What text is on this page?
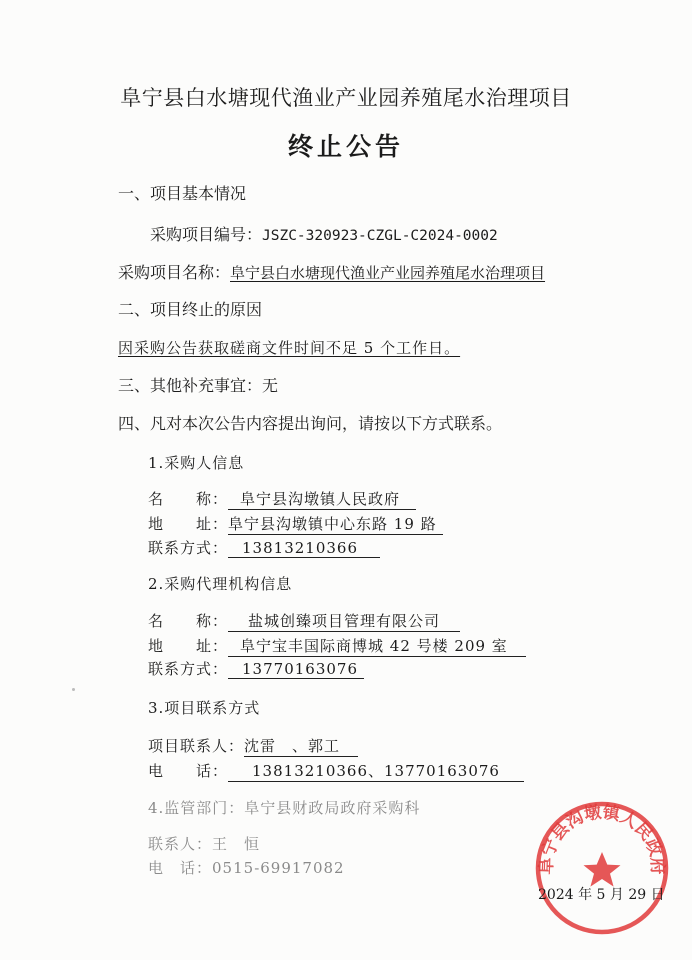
阜宁县白水塘现代渔业产业园养殖尾水治理项目
终止公告
一、项目基本情况
采购项目编号：JSZC-320923-CZGL-C2024-0002
采购项目名称：阜宁县白水塘现代渔业产业园养殖尾水治理项目
二、项目终止的原因
因采购公告获取磋商文件时间不足 5 个工作日。
三、其他补充事宜：无
四、凡对本次公告内容提出询问，请按以下方式联系。
1.采购人信息
名　　称： 阜宁县沟墩镇人民政府
地　　址：阜宁县沟墩镇中心东路 19 路
联系方式： 13813210366
2.采购代理机构信息
名　　称： 盐城创臻项目管理有限公司
地　　址： 阜宁宝丰国际商博城 42 号楼 209 室
联系方式： 13770163076
3.项目联系方式
项目联系人：沈雷　、郭工
电　　话： 13813210366、13770163076
4.监管部门：阜宁县财政局政府采购科
联系人：王　恒
电　话：0515-69917082	阜宁县沟墩镇人民政府
2024 年 5 月 29 日
